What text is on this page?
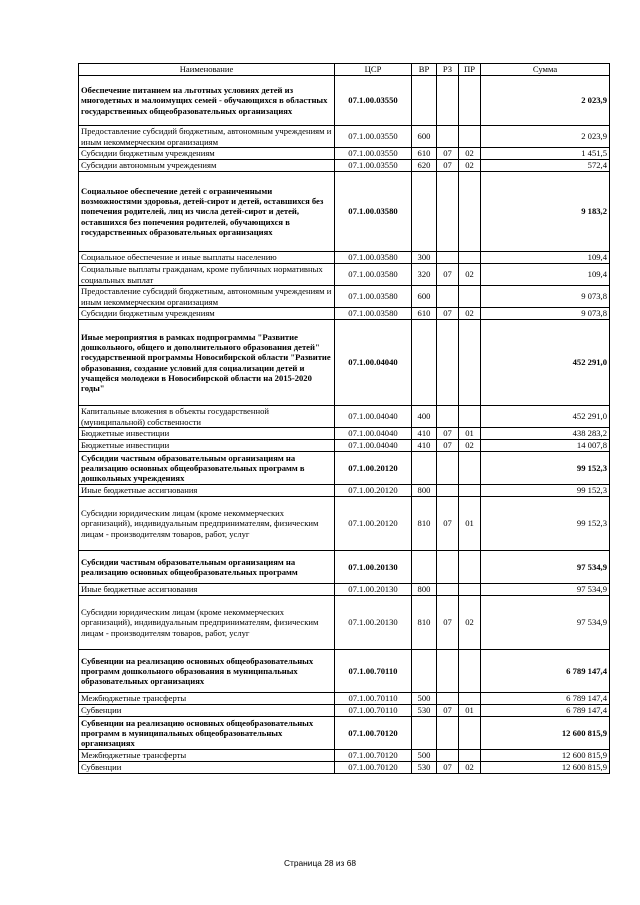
Наименование	ЦСР	ВР	РЗ	ПР	Сумма
Обеспечение питанием на льготных условиях детей из многодетных и малоимущих семей - обучающихся в областных государственных общеобразовательных организациях	07.1.00.03550				2 023,9
Предоставление субсидий бюджетным, автономным учреждениям и иным некоммерческим организациям	07.1.00.03550	600			2 023,9
Субсидии бюджетным учреждениям	07.1.00.03550	610	07	02	1 451,5
Субсидии автономным учреждениям	07.1.00.03550	620	07	02	572,4
Социальное обеспечение детей с ограниченными возможностями здоровья, детей-сирот и детей, оставшихся без попечения родителей, лиц из числа детей-сирот и детей, оставшихся без попечения родителей, обучающихся в государственных образовательных организациях	07.1.00.03580				9 183,2
Социальное обеспечение и иные выплаты населению	07.1.00.03580	300			109,4
Социальные выплаты гражданам, кроме публичных нормативных социальных выплат	07.1.00.03580	320	07	02	109,4
Предоставление субсидий бюджетным, автономным учреждениям и иным некоммерческим организациям	07.1.00.03580	600			9 073,8
Субсидии бюджетным учреждениям	07.1.00.03580	610	07	02	9 073,8
Иные мероприятия в рамках подпрограммы "Развитие дошкольного, общего и дополнительного образования детей" государственной программы Новосибирской области "Развитие образования, создание условий для социализации детей и учащейся молодежи в Новосибирской области на 2015-2020 годы"	07.1.00.04040				452 291,0
Капитальные вложения в объекты государственной (муниципальной) собственности	07.1.00.04040	400			452 291,0
Бюджетные инвестиции	07.1.00.04040	410	07	01	438 283,2
Бюджетные инвестиции	07.1.00.04040	410	07	02	14 007,8
Субсидии частным образовательным организациям на реализацию основных общеобразовательных программ в дошкольных учреждениях	07.1.00.20120				99 152,3
Иные бюджетные ассигнования	07.1.00.20120	800			99 152,3
Субсидии юридическим лицам (кроме некоммерческих организаций), индивидуальным предпринимателям, физическим лицам - производителям товаров, работ, услуг	07.1.00.20120	810	07	01	99 152,3
Субсидии частным образовательным организациям на реализацию основных общеобразовательных программ	07.1.00.20130				97 534,9
Иные бюджетные ассигнования	07.1.00.20130	800			97 534,9
Субсидии юридическим лицам (кроме некоммерческих организаций), индивидуальным предпринимателям, физическим лицам - производителям товаров, работ, услуг	07.1.00.20130	810	07	02	97 534,9
Субвенции на реализацию основных общеобразовательных программ дошкольного образования в муниципальных образовательных организациях	07.1.00.70110				6 789 147,4
Межбюджетные трансферты	07.1.00.70110	500			6 789 147,4
Субвенции	07.1.00.70110	530	07	01	6 789 147,4
Субвенции на реализацию основных общеобразовательных программ в муниципальных общеобразовательных организациях	07.1.00.70120				12 600 815,9
Межбюджетные трансферты	07.1.00.70120	500			12 600 815,9
Субвенции	07.1.00.70120	530	07	02	12 600 815,9
Страница 28 из 68
